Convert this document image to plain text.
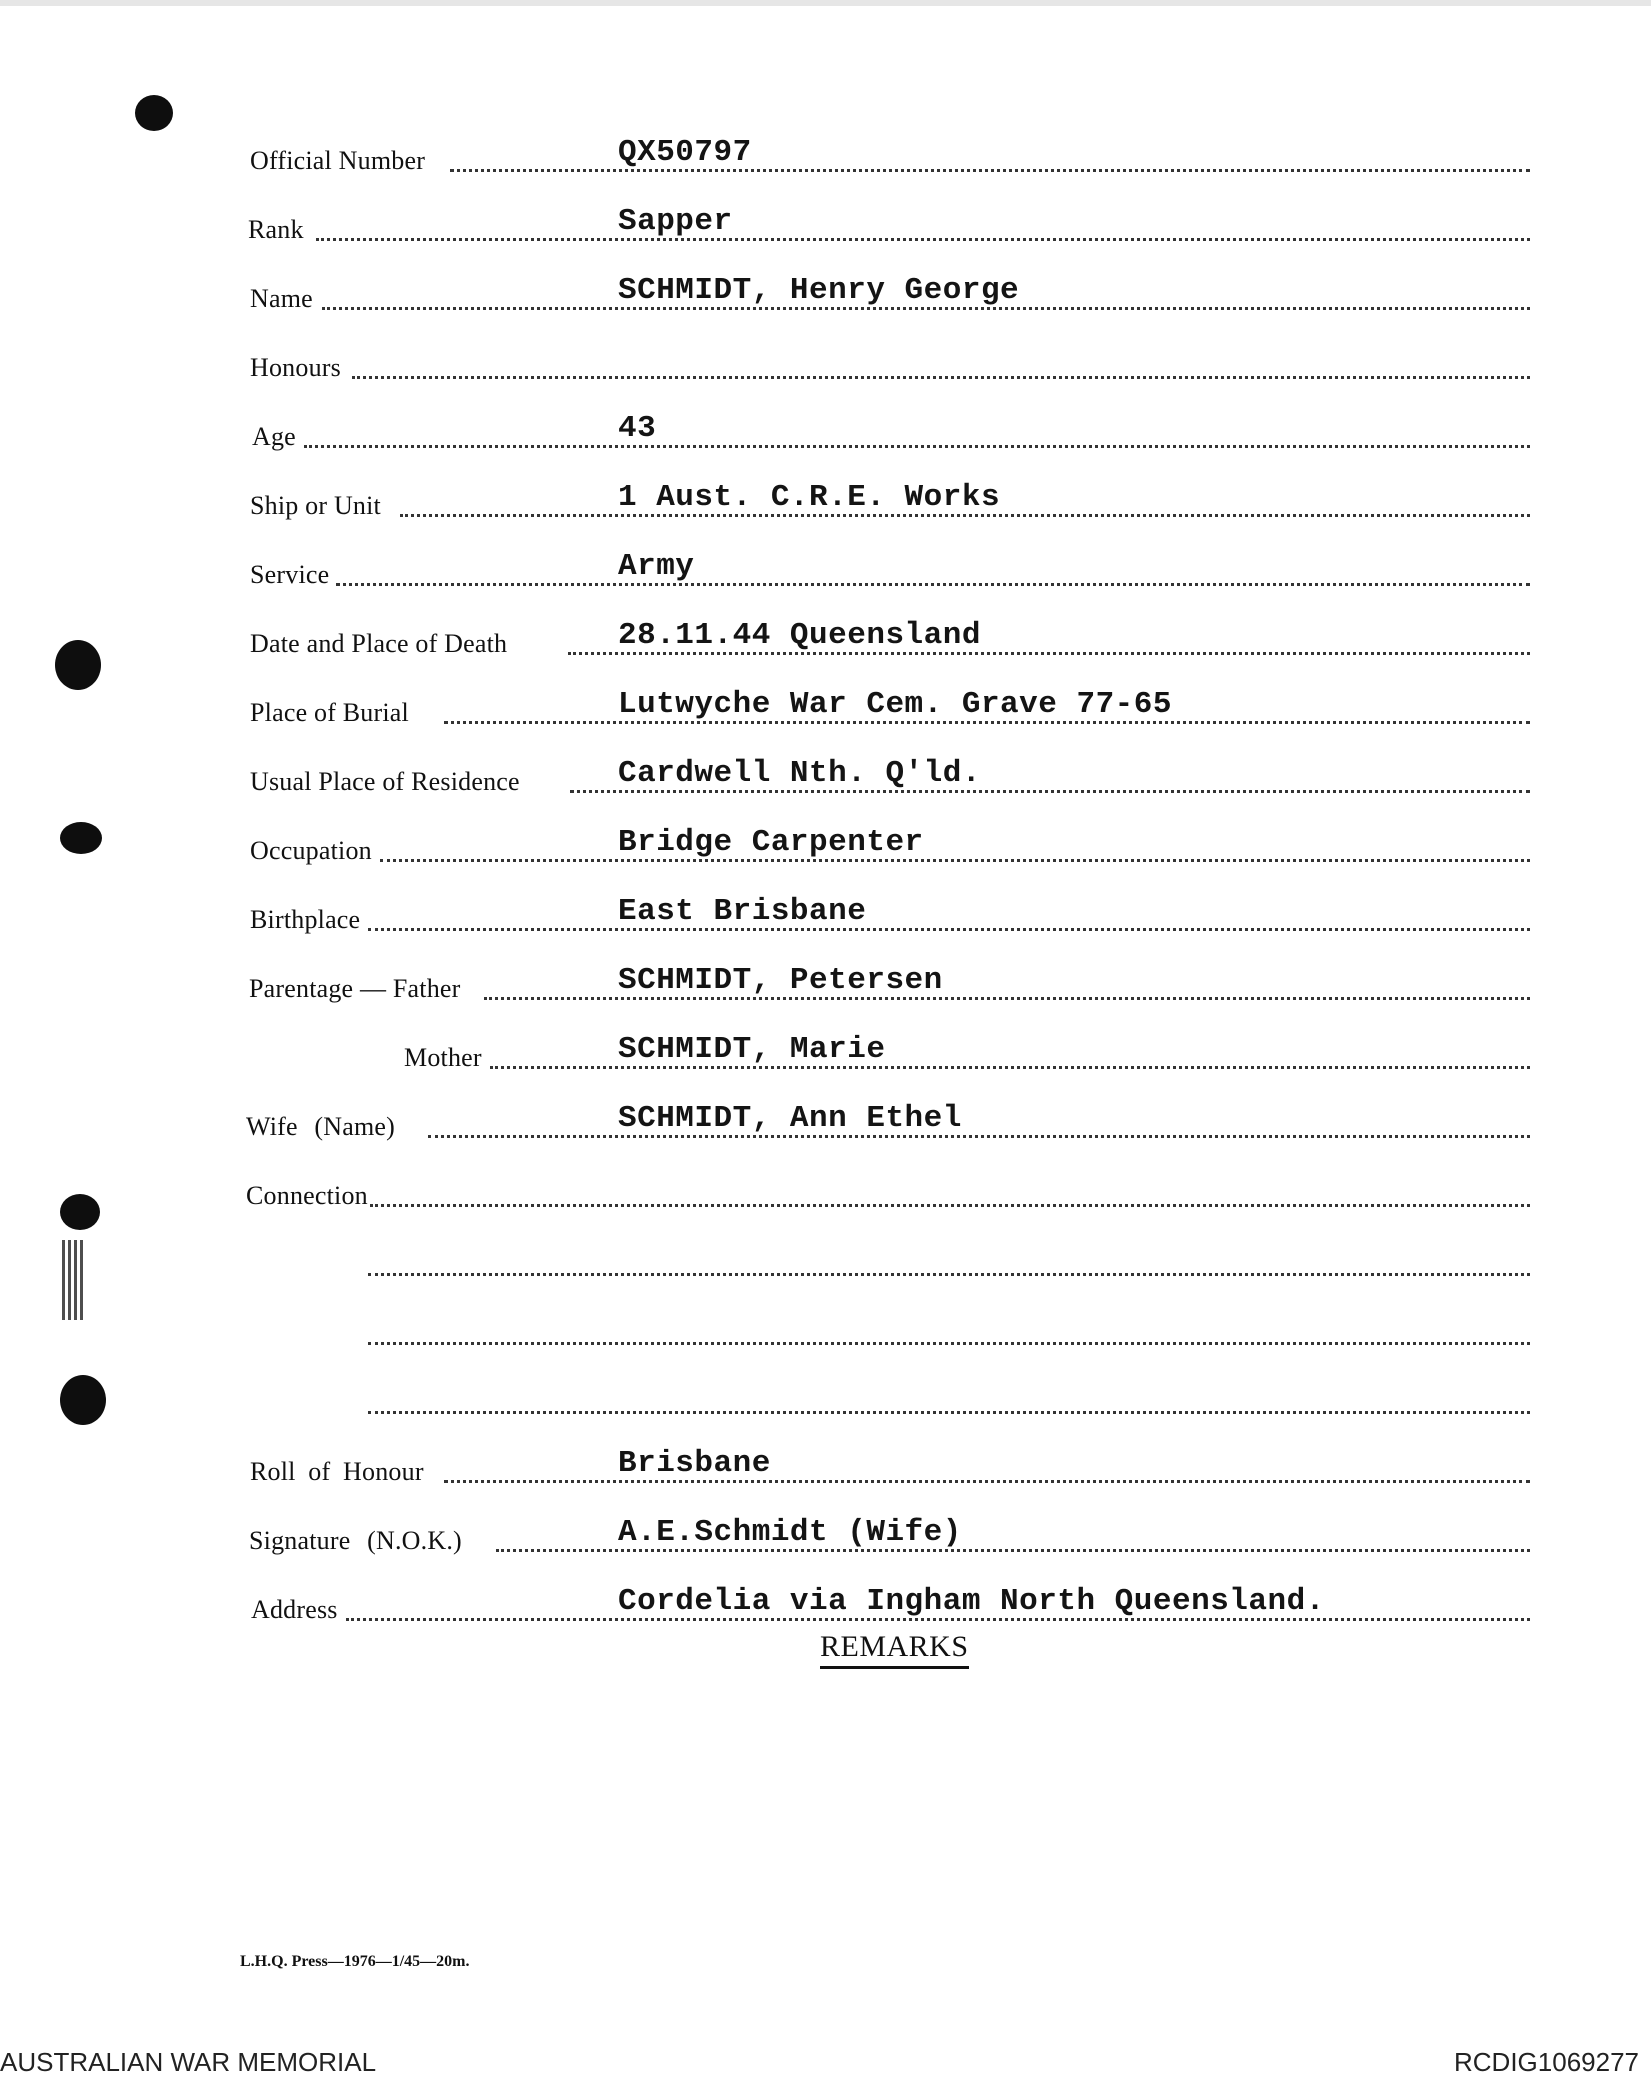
Official Number	QX50797
Rank	Sapper
Name	SCHMIDT, Henry George
Honours
Age	43
Ship or Unit	1 Aust. C.R.E. Works
Service	Army
Date and Place of Death	28.11.44 Queensland
Place of Burial	Lutwyche War Cem. Grave 77-65
Usual Place of Residence	Cardwell Nth. Q'ld.
Occupation	Bridge Carpenter
Birthplace	East Brisbane
Parentage — Father	SCHMIDT, Petersen
Mother	SCHMIDT, Marie
Wife (Name)	SCHMIDT, Ann Ethel
Connection
Roll of Honour	Brisbane
Signature (N.O.K.)	A.E.Schmidt (Wife)
Address	Cordelia via Ingham North Queensland.
REMARKS
L.H.Q. Press—1976—1/45—20m.
AUSTRALIAN WAR MEMORIAL	RCDIG1069277
